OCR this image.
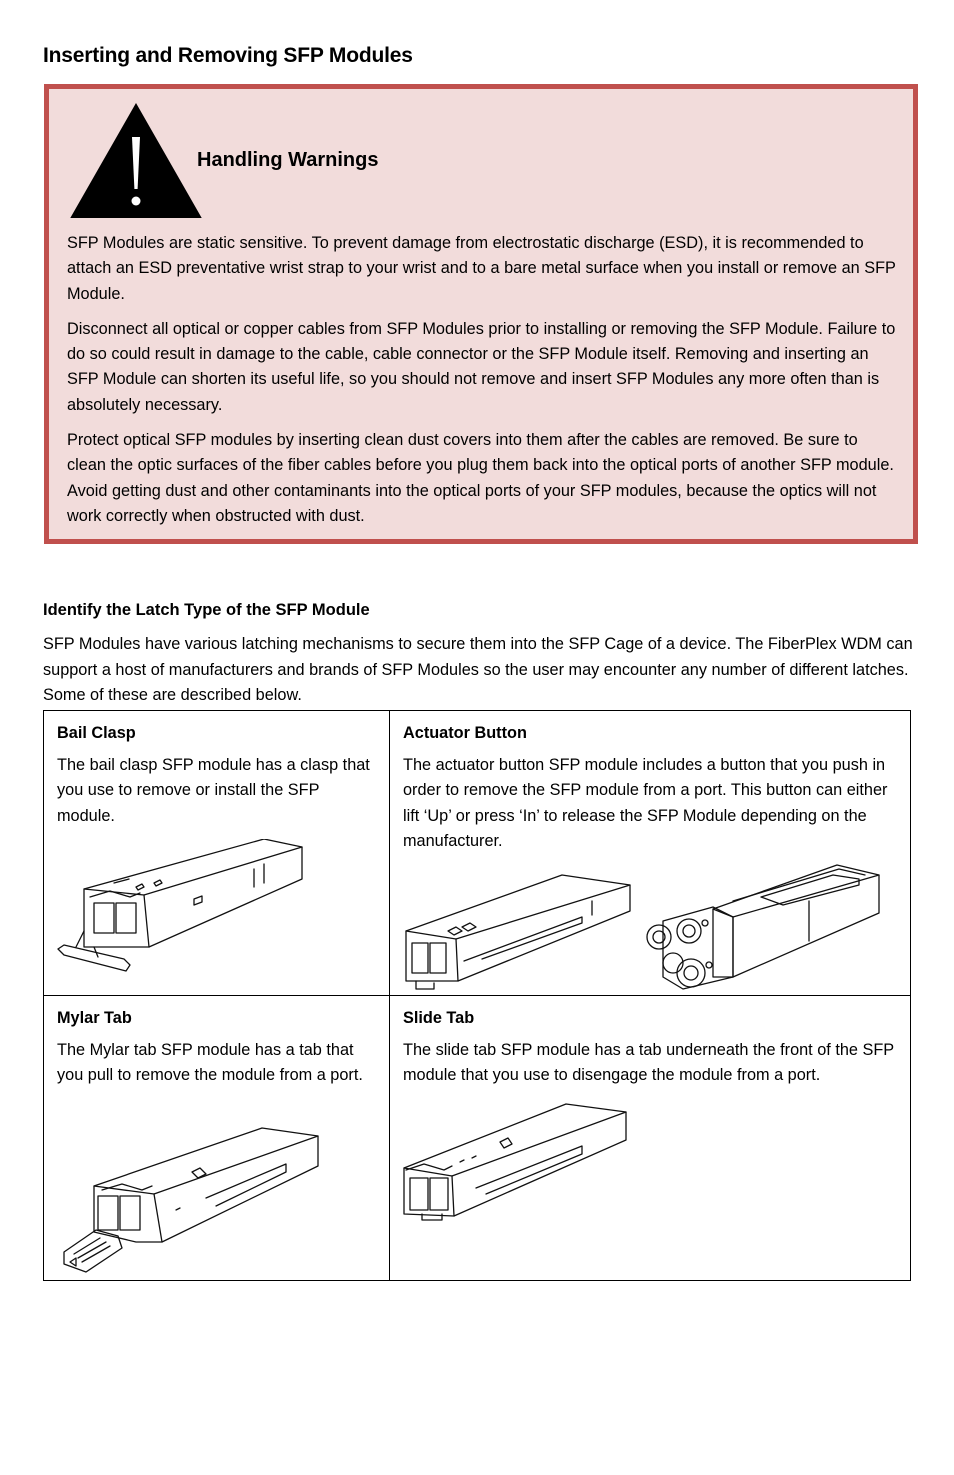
Inserting and Removing SFP Modules
Handling Warnings

SFP Modules are static sensitive. To prevent damage from electrostatic discharge (ESD), it is recommended to attach an ESD preventative wrist strap to your wrist and to a bare metal surface when you install or remove an SFP Module.

Disconnect all optical or copper cables from SFP Modules prior to installing or removing the SFP Module. Failure to do so could result in damage to the cable, cable connector or the SFP Module itself. Removing and inserting an SFP Module can shorten its useful life, so you should not remove and insert SFP Modules any more often than is absolutely necessary.

Protect optical SFP modules by inserting clean dust covers into them after the cables are removed. Be sure to clean the optic surfaces of the fiber cables before you plug them back into the optical ports of another SFP module. Avoid getting dust and other contaminants into the optical ports of your SFP modules, because the optics will not work correctly when obstructed with dust.

Identify the Latch Type of the SFP Module

SFP Modules have various latching mechanisms to secure them into the SFP Cage of a device. The FiberPlex WDM can support a host of manufacturers and brands of SFP Modules so the user may encounter any number of different latches. Some of these are described below.

Bail Clasp

The bail clasp SFP module has a clasp that you use to remove or install the SFP module.

Actuator Button

The actuator button SFP module includes a button that you push in order to remove the SFP module from a port. This button can either lift ‘Up’ or press ‘In’ to release the SFP Module depending on the manufacturer.

Mylar Tab

The Mylar tab SFP module has a tab that you pull to remove the module from a port.

Slide Tab

The slide tab SFP module has a tab underneath the front of the SFP module that you use to disengage the module from a port.
